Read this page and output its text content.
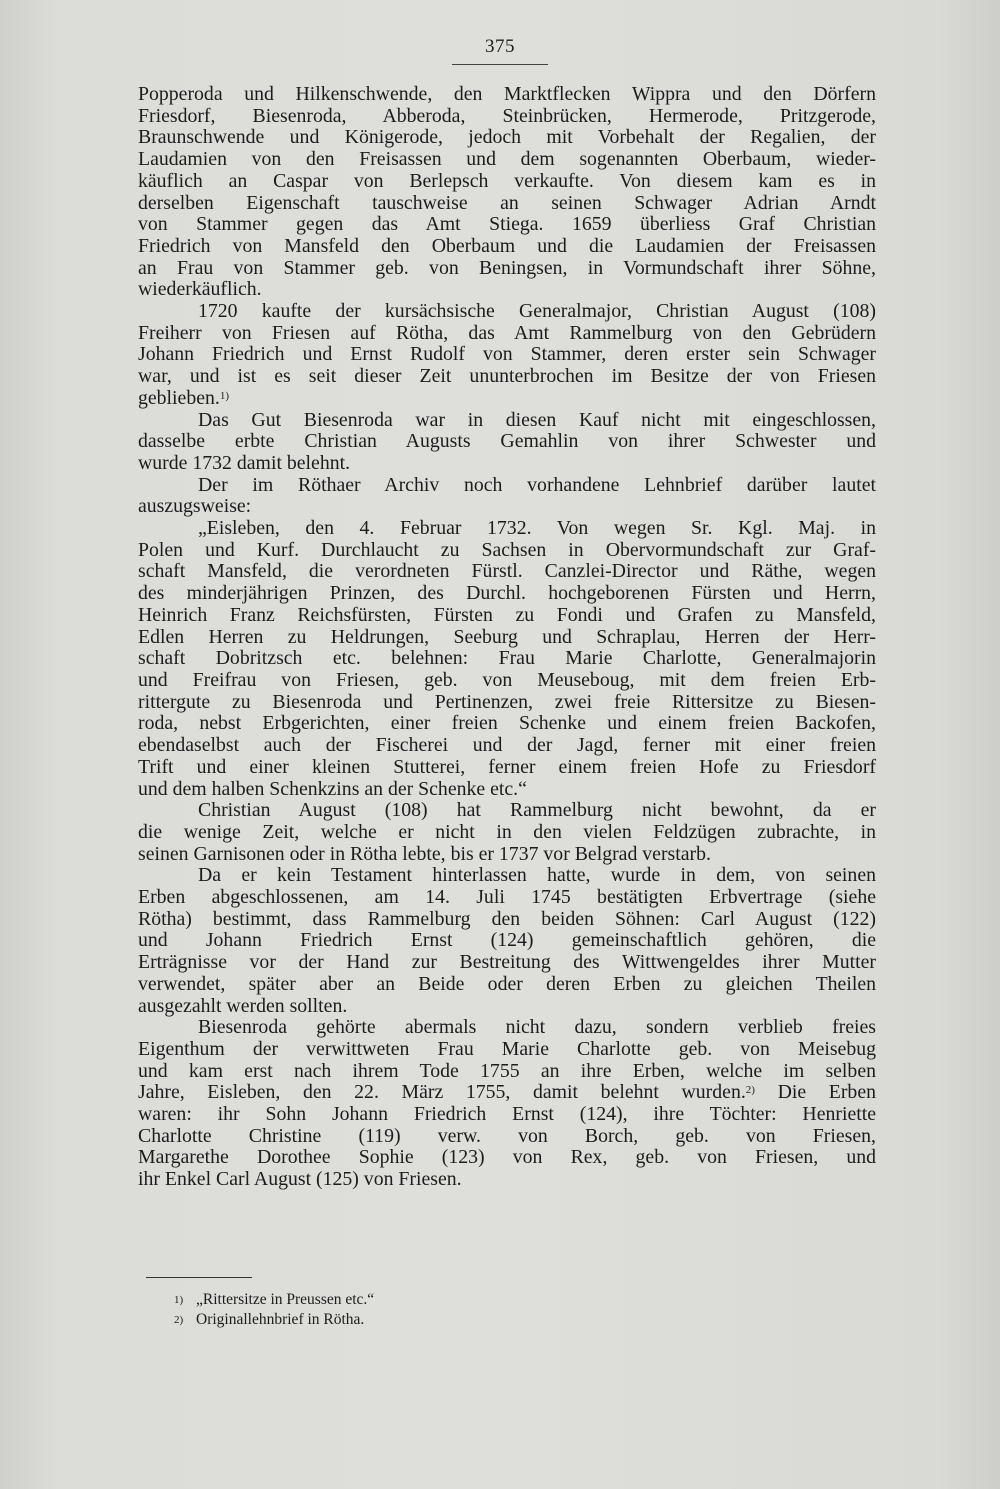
375
Popperoda und Hilkenschwende, den Marktflecken Wippra und den Dörfern
Friesdorf, Biesenroda, Abberoda, Steinbrücken, Hermerode, Pritzgerode,
Braunschwende und Königerode, jedoch mit Vorbehalt der Regalien, der
Laudamien von den Freisassen und dem sogenannten Oberbaum, wieder-
käuflich an Caspar von Berlepsch verkaufte. Von diesem kam es in
derselben Eigenschaft tauschweise an seinen Schwager Adrian Arndt
von Stammer gegen das Amt Stiega. 1659 überliess Graf Christian
Friedrich von Mansfeld den Oberbaum und die Laudamien der Freisassen
an Frau von Stammer geb. von Beningsen, in Vormundschaft ihrer Söhne,
wiederkäuflich.
1720 kaufte der kursächsische Generalmajor, Christian August (108)
Freiherr von Friesen auf Rötha, das Amt Rammelburg von den Gebrüdern
Johann Friedrich und Ernst Rudolf von Stammer, deren erster sein Schwager
war, und ist es seit dieser Zeit ununterbrochen im Besitze der von Friesen
geblieben.$^{1)}$
Das Gut Biesenroda war in diesen Kauf nicht mit eingeschlossen,
dasselbe erbte Christian Augusts Gemahlin von ihrer Schwester und
wurde 1732 damit belehnt.
Der im Röthaer Archiv noch vorhandene Lehnbrief darüber lautet
auszugsweise:
„Eisleben, den 4. Februar 1732. Von wegen Sr. Kgl. Maj. in
Polen und Kurf. Durchlaucht zu Sachsen in Obervormundschaft zur Graf-
schaft Mansfeld, die verordneten Fürstl. Canzlei-Director und Räthe, wegen
des minderjährigen Prinzen, des Durchl. hochgeborenen Fürsten und Herrn,
Heinrich Franz Reichsfürsten, Fürsten zu Fondi und Grafen zu Mansfeld,
Edlen Herren zu Heldrungen, Seeburg und Schraplau, Herren der Herr-
schaft Dobritzsch etc. belehnen: Frau Marie Charlotte, Generalmajorin
und Freifrau von Friesen, geb. von Meuseboug, mit dem freien Erb-
rittergute zu Biesenroda und Pertinenzen, zwei freie Rittersitze zu Biesen-
roda, nebst Erbgerichten, einer freien Schenke und einem freien Backofen,
ebendaselbst auch der Fischerei und der Jagd, ferner mit einer freien
Trift und einer kleinen Stutterei, ferner einem freien Hofe zu Friesdorf
und dem halben Schenkzins an der Schenke etc.“
Christian August (108) hat Rammelburg nicht bewohnt, da er
die wenige Zeit, welche er nicht in den vielen Feldzügen zubrachte, in
seinen Garnisonen oder in Rötha lebte, bis er 1737 vor Belgrad verstarb.
Da er kein Testament hinterlassen hatte, wurde in dem, von seinen
Erben abgeschlossenen, am 14. Juli 1745 bestätigten Erbvertrage (siehe
Rötha) bestimmt, dass Rammelburg den beiden Söhnen: Carl August (122)
und Johann Friedrich Ernst (124) gemeinschaftlich gehören, die
Erträgnisse vor der Hand zur Bestreitung des Wittwengeldes ihrer Mutter
verwendet, später aber an Beide oder deren Erben zu gleichen Theilen
ausgezahlt werden sollten.
Biesenroda gehörte abermals nicht dazu, sondern verblieb freies
Eigenthum der verwittweten Frau Marie Charlotte geb. von Meisebug
und kam erst nach ihrem Tode 1755 an ihre Erben, welche im selben
Jahre, Eisleben, den 22. März 1755, damit belehnt wurden.$^{2)}$ Die Erben
waren: ihr Sohn Johann Friedrich Ernst (124), ihre Töchter: Henriette
Charlotte Christine (119) verw. von Borch, geb. von Friesen,
Margarethe Dorothee Sophie (123) von Rex, geb. von Friesen, und
ihr Enkel Carl August (125) von Friesen.
1) „Rittersitze in Preussen etc.“
2) Originallehnbrief in Rötha.
